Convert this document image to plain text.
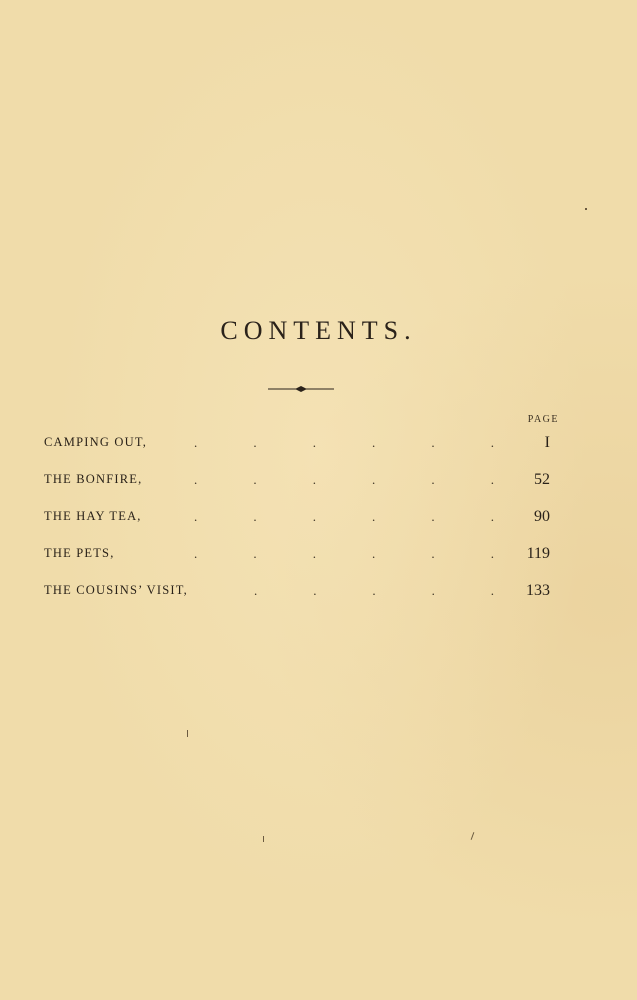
CONTENTS.
PAGE
CAMPING OUT,	.	.	.	.	.	.	I
THE BONFIRE,	.	.	.	.	.	.	52
THE HAY TEA,	.	.	.	.	.	.	90
THE PETS,	.	.	.	.	.	. 119
THE COUSINS’ VISIT,	.	.	.	.	. 133
